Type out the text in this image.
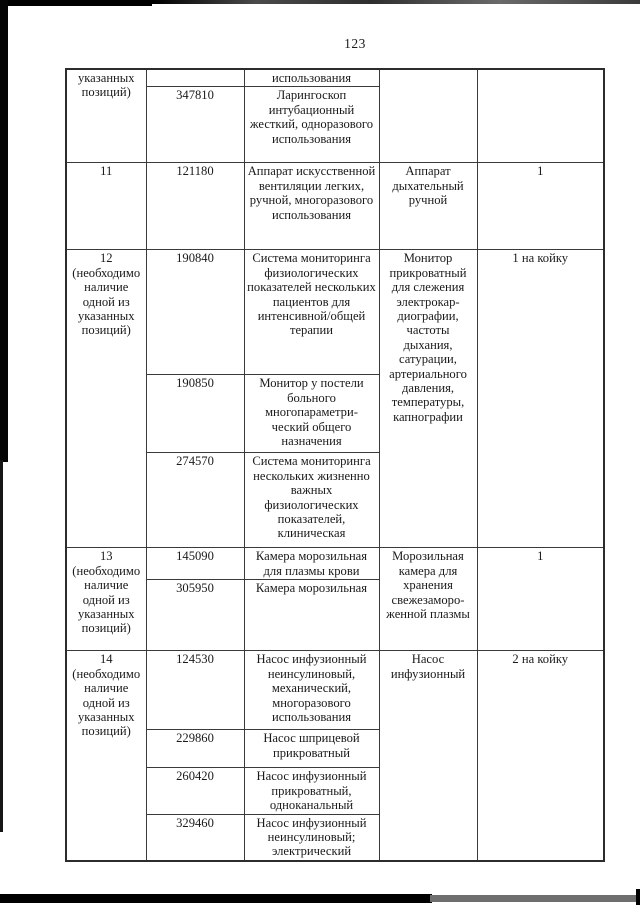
123
указанных позиций)		использования		
	347810	Ларингоскоп интубационный жесткий, одноразового использования		
11	121180	Аппарат искусственной вентиляции легких, ручной, многоразового использования	Аппарат дыхательный ручной	1
12 (необходимо наличие одной из указанных позиций)	190840	Система мониторинга физиологических показателей нескольких пациентов для интенсивной/общей терапии	Монитор прикроватный для слежения электрокар-диографии, частоты дыхания, сатурации, артериального давления, температуры, капнографии	1 на койку
	190850	Монитор у постели больного многопараметри-ческий общего назначения		
	274570	Система мониторинга нескольких жизненно важных физиологических показателей, клиническая		
13 (необходимо наличие одной из указанных позиций)	145090	Камера морозильная для плазмы крови	Морозильная камера для хранения свежезаморо-женной плазмы	1
	305950	Камера морозильная		
14 (необходимо наличие одной из указанных позиций)	124530	Насос инфузионный неинсулиновый, механический, многоразового использования	Насос инфузионный	2 на койку
	229860	Насос шприцевой прикроватный		
	260420	Насос инфузионный прикроватный, одноканальный		
	329460	Насос инфузионный неинсулиновый; электрический		
